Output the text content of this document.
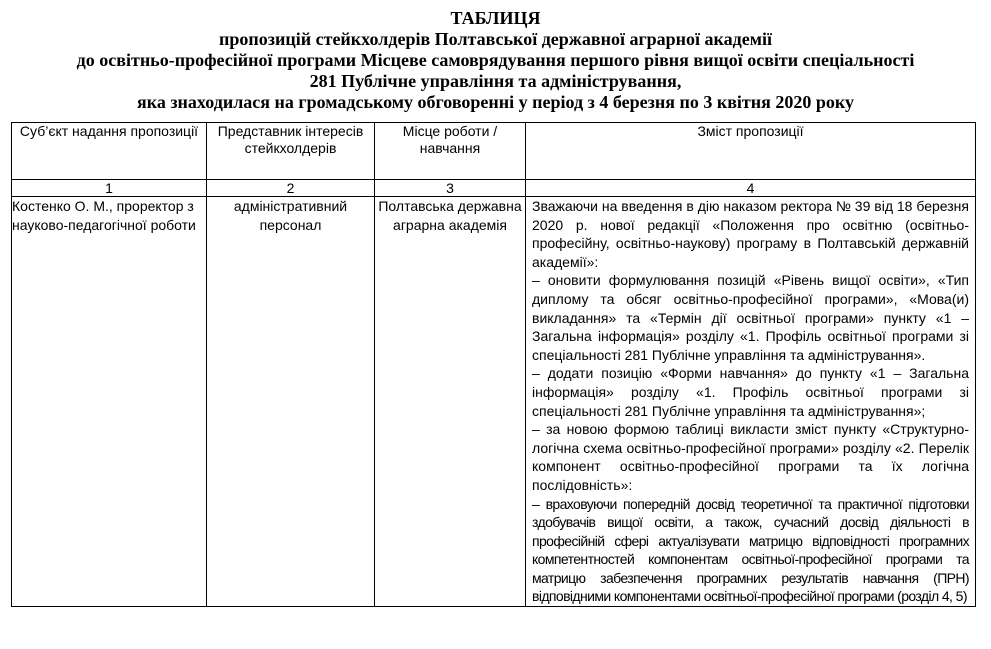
ТАБЛИЦЯ
пропозицій стейкхолдерів Полтавської державної аграрної академії
до освітньо-професійної програми Місцеве самоврядування першого рівня вищої освіти спеціальності
281 Публічне управління та адміністрування,
яка знаходилася на громадському обговоренні у період з 4 березня по 3 квітня 2020 року
Суб’єкт надання пропозиції	Представник інтересів стейкхолдерів	Місце роботи / навчання	Зміст пропозиції
1	2	3	4
Костенко О. М., проректор з науково-педагогічної роботи	адміністративний персонал	Полтавська державна аграрна академія	Зважаючи на введення в дію наказом ректора № 39 від 18 березня 2020 р. нової редакції «Положення про освітню (освітньо-професійну, освітньо-наукову) програму в Полтавській державній академії»:

– оновити формулювання позицій «Рівень вищої освіти», «Тип диплому та обсяг освітньо-професійної програми», «Мова(и) викладання» та «Термін дії освітньої програми» пункту «1 – Загальна інформація» розділу «1. Профіль освітньої програми зі спеціальності 281 Публічне управління та адміністрування».

– додати позицію «Форми навчання» до пункту «1 – Загальна інформація» розділу «1. Профіль освітньої програми зі спеціальності 281 Публічне управління та адміністрування»;

– за новою формою таблиці викласти зміст пункту «Структурно-логічна схема освітньо-професійної програми» розділу «2. Перелік компонент освітньо-професійної програми та їх логічна послідовність»:

– враховуючи попередній досвід теоретичної та практичної підготовки здобувачів вищої освіти, а також, сучасний досвід діяльності в професійній сфері актуалізувати матрицю відповідності програмних компетентностей компонентам освітньої-професійної програми та матрицю забезпечення програмних результатів навчання (ПРН) відповідними компонентами освітньої-професійної програми (розділ 4, 5)
